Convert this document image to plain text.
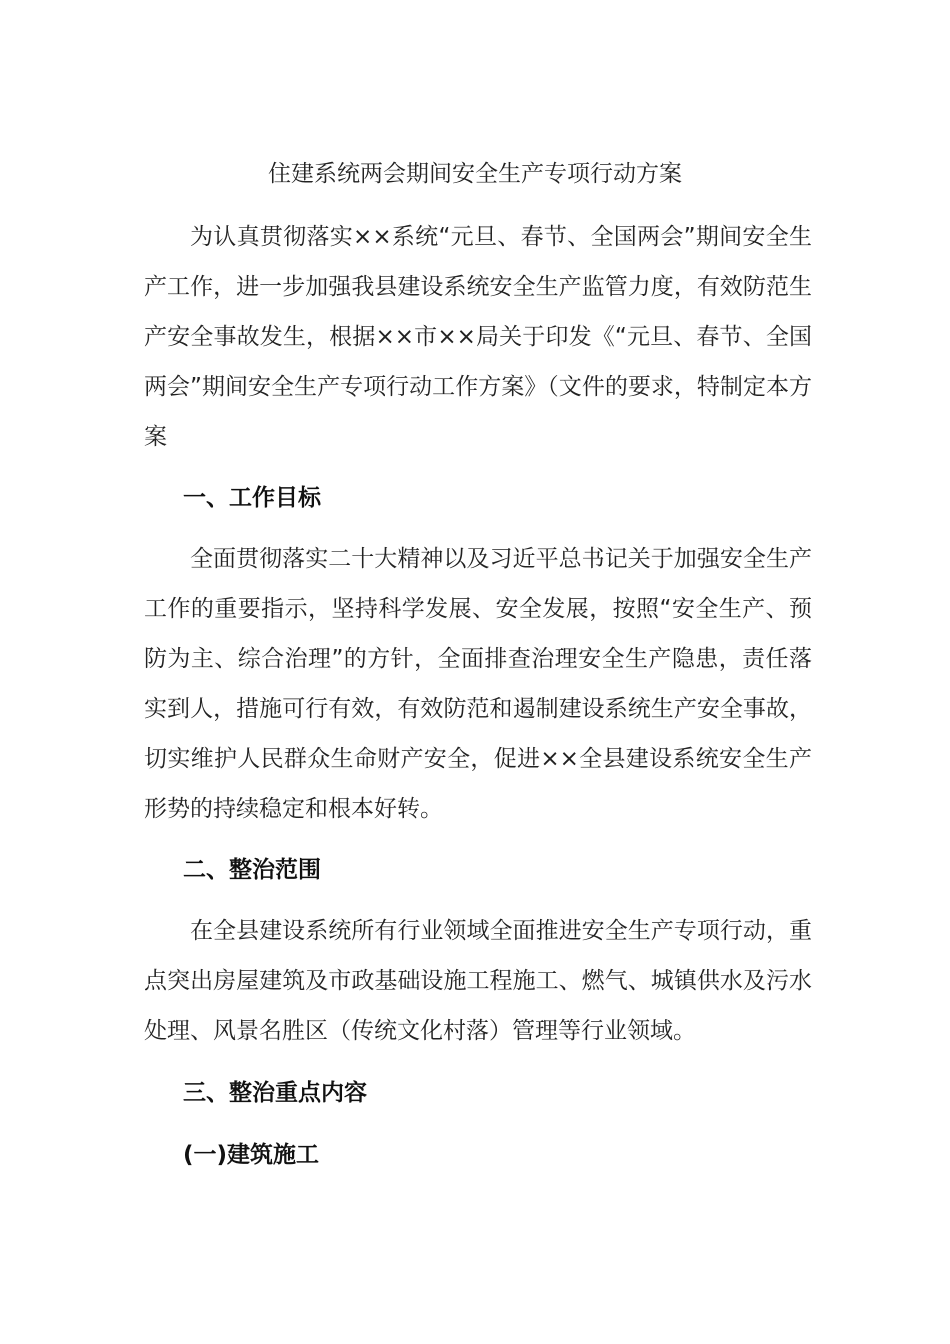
住建系统两会期间安全生产专项行动方案

为认真贯彻落实××系统“元旦、春节、全国两会”期间安全生产工作，进一步加强我县建设系统安全生产监管力度，有效防范生产安全事故发生，根据××市××局关于印发《“元旦、春节、全国两会”期间安全生产专项行动工作方案》（文件的要求，特制定本方案

一、工作目标

全面贯彻落实二十大精神以及习近平总书记关于加强安全生产工作的重要指示，坚持科学发展、安全发展，按照“安全生产、预防为主、综合治理”的方针，全面排查治理安全生产隐患，责任落实到人，措施可行有效，有效防范和遏制建设系统生产安全事故，切实维护人民群众生命财产安全，促进××全县建设系统安全生产形势的持续稳定和根本好转。

二、整治范围

在全县建设系统所有行业领域全面推进安全生产专项行动，重点突出房屋建筑及市政基础设施工程施工、燃气、城镇供水及污水处理、风景名胜区（传统文化村落）管理等行业领域。

三、整治重点内容
(一)建筑施工
